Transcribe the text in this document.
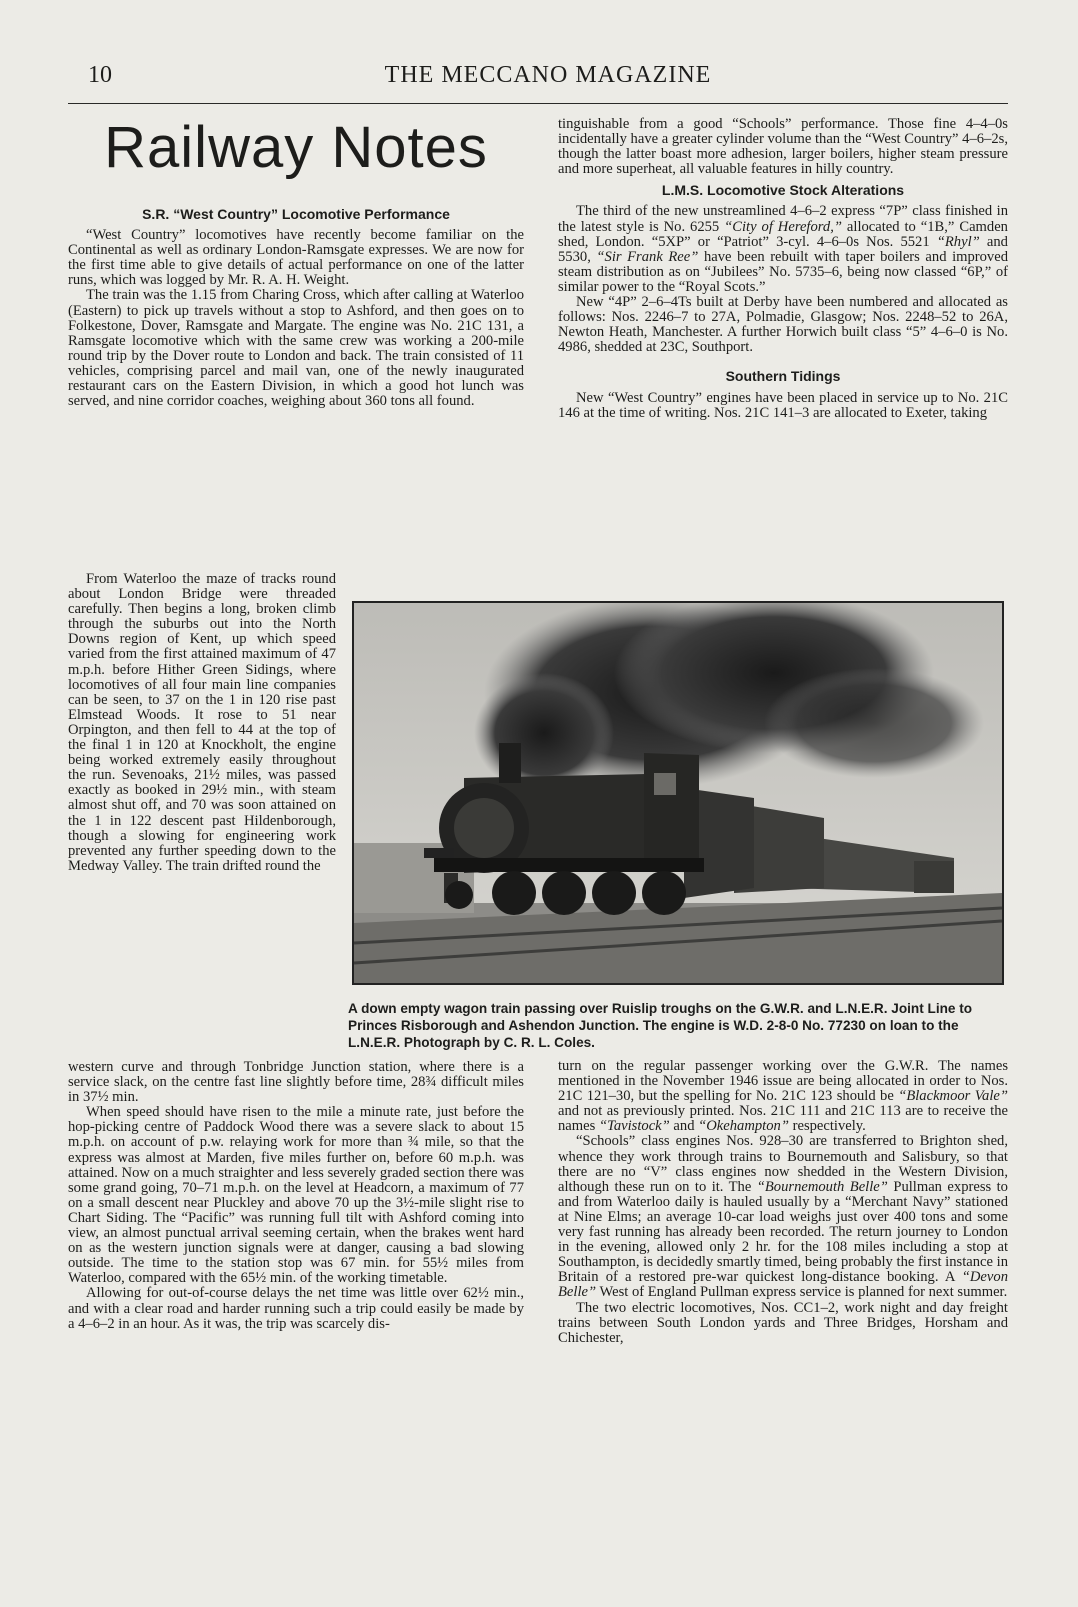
10	THE MECCANO MAGAZINE
Railway Notes
S.R. “West Country” Locomotive Performance

“West Country” locomotives have recently become familiar on the Continental as well as ordinary London-Ramsgate expresses. We are now for the first time able to give details of actual performance on one of the latter runs, which was logged by Mr. R. A. H. Weight.

The train was the 1.15 from Charing Cross, which after calling at Waterloo (Eastern) to pick up travels without a stop to Ashford, and then goes on to Folkestone, Dover, Ramsgate and Margate. The engine was No. 21C 131, a Ramsgate locomotive which with the same crew was working a 200-mile round trip by the Dover route to London and back. The train consisted of 11 vehicles, comprising parcel and mail van, one of the newly inaugurated restaurant cars on the Eastern Division, in which a good hot lunch was served, and nine corridor coaches, weighing about 360 tons all found.

From Waterloo the maze of tracks round about London Bridge were threaded carefully. Then begins a long, broken climb through the suburbs out into the North Downs region of Kent, up which speed varied from the first attained maximum of 47 m.p.h. before Hither Green Sidings, where locomotives of all four main line companies can be seen, to 37 on the 1 in 120 rise past Elmstead Woods. It rose to 51 near Orpington, and then fell to 44 at the top of the final 1 in 120 at Knockholt, the engine being worked extremely easily throughout the run. Sevenoaks, 21½ miles, was passed exactly as booked in 29½ min., with steam almost shut off, and 70 was soon attained on the 1 in 122 descent past Hildenborough, though a slowing for engineering work prevented any further speeding down to the Medway Valley. The train drifted round the

western curve and through Tonbridge Junction station, where there is a service slack, on the centre fast line slightly before time, 28¾ difficult miles in 37½ min.

When speed should have risen to the mile a minute rate, just before the hop-picking centre of Paddock Wood there was a severe slack to about 15 m.p.h. on account of p.w. relaying work for more than ¾ mile, so that the express was almost at Marden, five miles further on, before 60 m.p.h. was attained. Now on a much straighter and less severely graded section there was some grand going, 70–71 m.p.h. on the level at Headcorn, a maximum of 77 on a small descent near Pluckley and above 70 up the 3½-mile slight rise to Chart Siding. The “Pacific” was running full tilt with Ashford coming into view, an almost punctual arrival seeming certain, when the brakes went hard on as the western junction signals were at danger, causing a bad slowing outside. The time to the station stop was 67 min. for 55½ miles from Waterloo, compared with the 65½ min. of the working timetable.

Allowing for out-of-course delays the net time was little over 62½ min., and with a clear road and harder running such a trip could easily be made by a 4–6–2 in an hour. As it was, the trip was scarcely dis-

tinguishable from a good “Schools” performance. Those fine 4–4–0s incidentally have a greater cylinder volume than the “West Country” 4–6–2s, though the latter boast more adhesion, larger boilers, higher steam pressure and more superheat, all valuable features in hilly country.

L.M.S. Locomotive Stock Alterations

The third of the new unstreamlined 4–6–2 express “7P” class finished in the latest style is No. 6255 “City of Hereford,” allocated to “1B,” Camden shed, London. “5XP” or “Patriot” 3-cyl. 4–6–0s Nos. 5521 “Rhyl” and 5530, “Sir Frank Ree” have been rebuilt with taper boilers and improved steam distribution as on “Jubilees” No. 5735–6, being now classed “6P,” of similar power to the “Royal Scots.”

New “4P” 2–6–4Ts built at Derby have been numbered and allocated as follows: Nos. 2246–7 to 27A, Polmadie, Glasgow; Nos. 2248–52 to 26A, Newton Heath, Manchester. A further Horwich built class “5” 4–6–0 is No. 4986, shedded at 23C, Southport.

Southern Tidings

New “West Country” engines have been placed in service up to No. 21C 146 at the time of writing. Nos. 21C 141–3 are allocated to Exeter, taking

A down empty wagon train passing over Ruislip troughs on the G.W.R. and L.N.E.R. Joint Line to Princes Risborough and Ashendon Junction. The engine is W.D. 2-8-0 No. 77230 on loan to the L.N.E.R. Photograph by C. R. L. Coles.

turn on the regular passenger working over the G.W.R. The names mentioned in the November 1946 issue are being allocated in order to Nos. 21C 121–30, but the spelling for No. 21C 123 should be “Blackmoor Vale” and not as previously printed. Nos. 21C 111 and 21C 113 are to receive the names “Tavistock” and “Okehampton” respectively.

“Schools” class engines Nos. 928–30 are transferred to Brighton shed, whence they work through trains to Bournemouth and Salisbury, so that there are no “V” class engines now shedded in the Western Division, although these run on to it. The “Bournemouth Belle” Pullman express to and from Waterloo daily is hauled usually by a “Merchant Navy” stationed at Nine Elms; an average 10-car load weighs just over 400 tons and some very fast running has already been recorded. The return journey to London in the evening, allowed only 2 hr. for the 108 miles including a stop at Southampton, is decidedly smartly timed, being probably the first instance in Britain of a restored pre-war quickest long-distance booking. A “Devon Belle” West of England Pullman express service is planned for next summer.

The two electric locomotives, Nos. CC1–2, work night and day freight trains between South London yards and Three Bridges, Horsham and Chichester,
